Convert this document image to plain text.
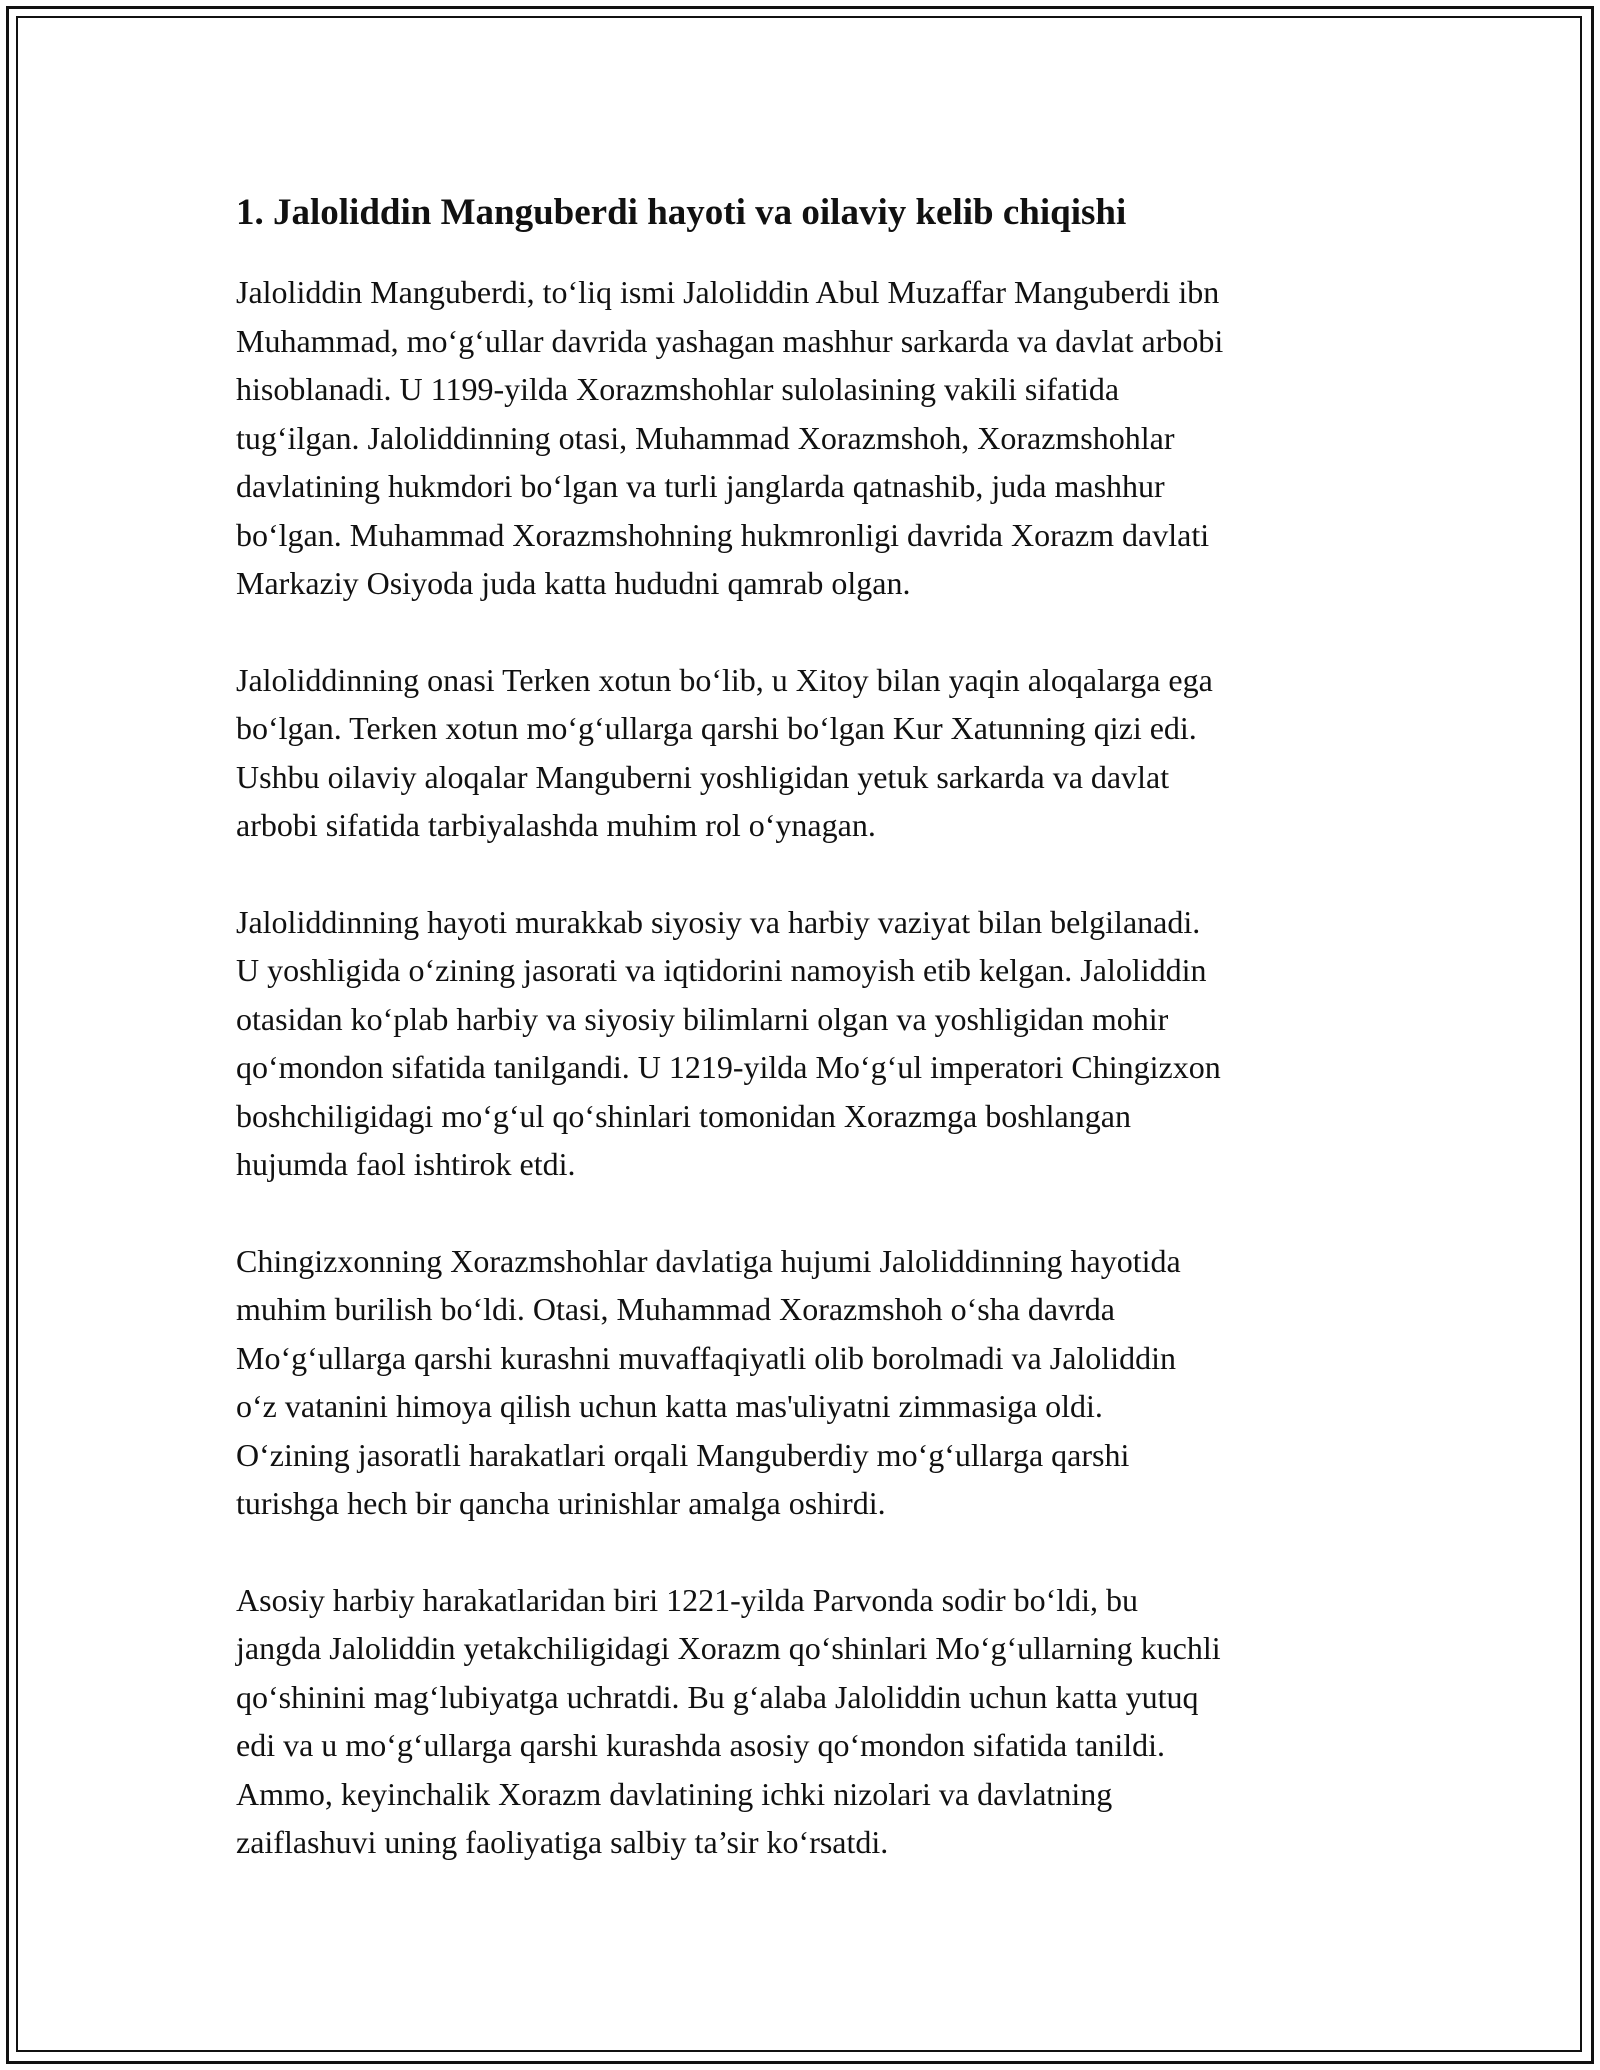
1. Jaloliddin Manguberdi hayoti va oilaviy kelib chiqishi

Jaloliddin Manguberdi, to‘liq ismi Jaloliddin Abul Muzaffar Manguberdi ibn
Muhammad, mo‘g‘ullar davrida yashagan mashhur sarkarda va davlat arbobi
hisoblanadi. U 1199-yilda Xorazmshohlar sulolasining vakili sifatida
tug‘ilgan. Jaloliddinning otasi, Muhammad Xorazmshoh, Xorazmshohlar
davlatining hukmdori bo‘lgan va turli janglarda qatnashib, juda mashhur
bo‘lgan. Muhammad Xorazmshohning hukmronligi davrida Xorazm davlati
Markaziy Osiyoda juda katta hududni qamrab olgan.

Jaloliddinning onasi Terken xotun bo‘lib, u Xitoy bilan yaqin aloqalarga ega
bo‘lgan. Terken xotun mo‘g‘ullarga qarshi bo‘lgan Kur Xatunning qizi edi.
Ushbu oilaviy aloqalar Manguberni yoshligidan yetuk sarkarda va davlat
arbobi sifatida tarbiyalashda muhim rol o‘ynagan.

Jaloliddinning hayoti murakkab siyosiy va harbiy vaziyat bilan belgilanadi.
U yoshligida o‘zining jasorati va iqtidorini namoyish etib kelgan. Jaloliddin
otasidan ko‘plab harbiy va siyosiy bilimlarni olgan va yoshligidan mohir
qo‘mondon sifatida tanilgandi. U 1219-yilda Mo‘g‘ul imperatori Chingizxon
boshchiligidagi mo‘g‘ul qo‘shinlari tomonidan Xorazmga boshlangan
hujumda faol ishtirok etdi.

Chingizxonning Xorazmshohlar davlatiga hujumi Jaloliddinning hayotida
muhim burilish bo‘ldi. Otasi, Muhammad Xorazmshoh o‘sha davrda
Mo‘g‘ullarga qarshi kurashni muvaffaqiyatli olib borolmadi va Jaloliddin
o‘z vatanini himoya qilish uchun katta mas'uliyatni zimmasiga oldi.
O‘zining jasoratli harakatlari orqali Manguberdiy mo‘g‘ullarga qarshi
turishga hech bir qancha urinishlar amalga oshirdi.

Asosiy harbiy harakatlaridan biri 1221-yilda Parvonda sodir bo‘ldi, bu
jangda Jaloliddin yetakchiligidagi Xorazm qo‘shinlari Mo‘g‘ullarning kuchli
qo‘shinini mag‘lubiyatga uchratdi. Bu g‘alaba Jaloliddin uchun katta yutuq
edi va u mo‘g‘ullarga qarshi kurashda asosiy qo‘mondon sifatida tanildi.
Ammo, keyinchalik Xorazm davlatining ichki nizolari va davlatning
zaiflashuvi uning faoliyatiga salbiy ta’sir ko‘rsatdi.
